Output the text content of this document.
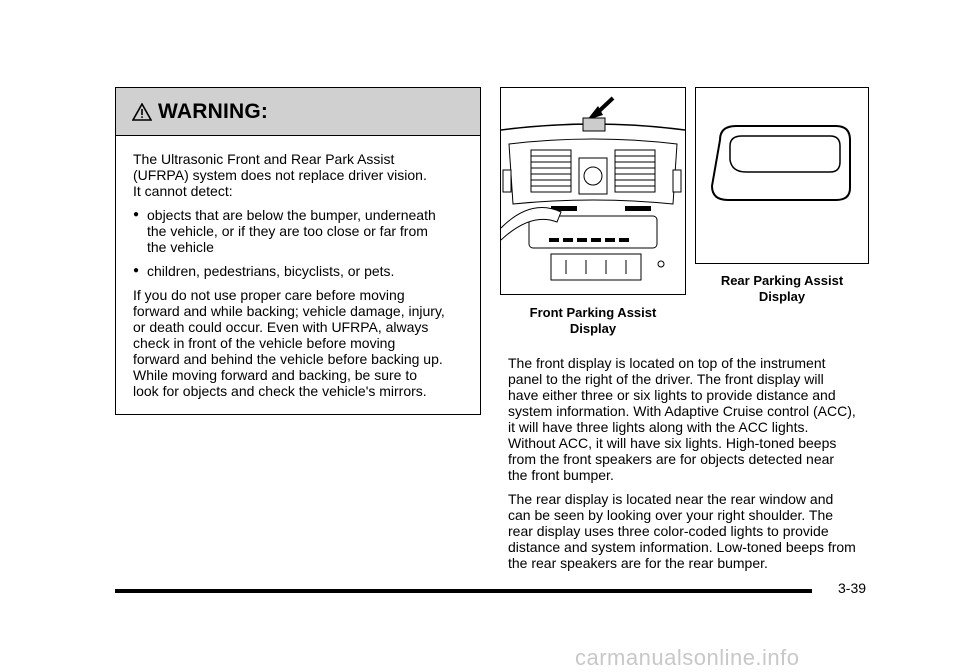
WARNING:

The Ultrasonic Front and Rear Park Assist
(UFRPA) system does not replace driver vision.
It cannot detect:

● objects that are below the bumper, underneath
the vehicle, or if they are too close or far from
the vehicle
● children, pedestrians, bicyclists, or pets.

If you do not use proper care before moving
forward and while backing; vehicle damage, injury,
or death could occur. Even with UFRPA, always
check in front of the vehicle before moving
forward and behind the vehicle before backing up.
While moving forward and backing, be sure to
look for objects and check the vehicle's mirrors.

Rear Parking Assist
Display
Front Parking Assist
Display

The front display is located on top of the instrument
panel to the right of the driver. The front display will
have either three or six lights to provide distance and
system information. With Adaptive Cruise control (ACC),
it will have three lights along with the ACC lights.
Without ACC, it will have six lights. High-toned beeps
from the front speakers are for objects detected near
the front bumper.

The rear display is located near the rear window and
can be seen by looking over your right shoulder. The
rear display uses three color-coded lights to provide
distance and system information. Low-toned beeps from
the rear speakers are for the rear bumper.

3-39
carmanualsonline.info
